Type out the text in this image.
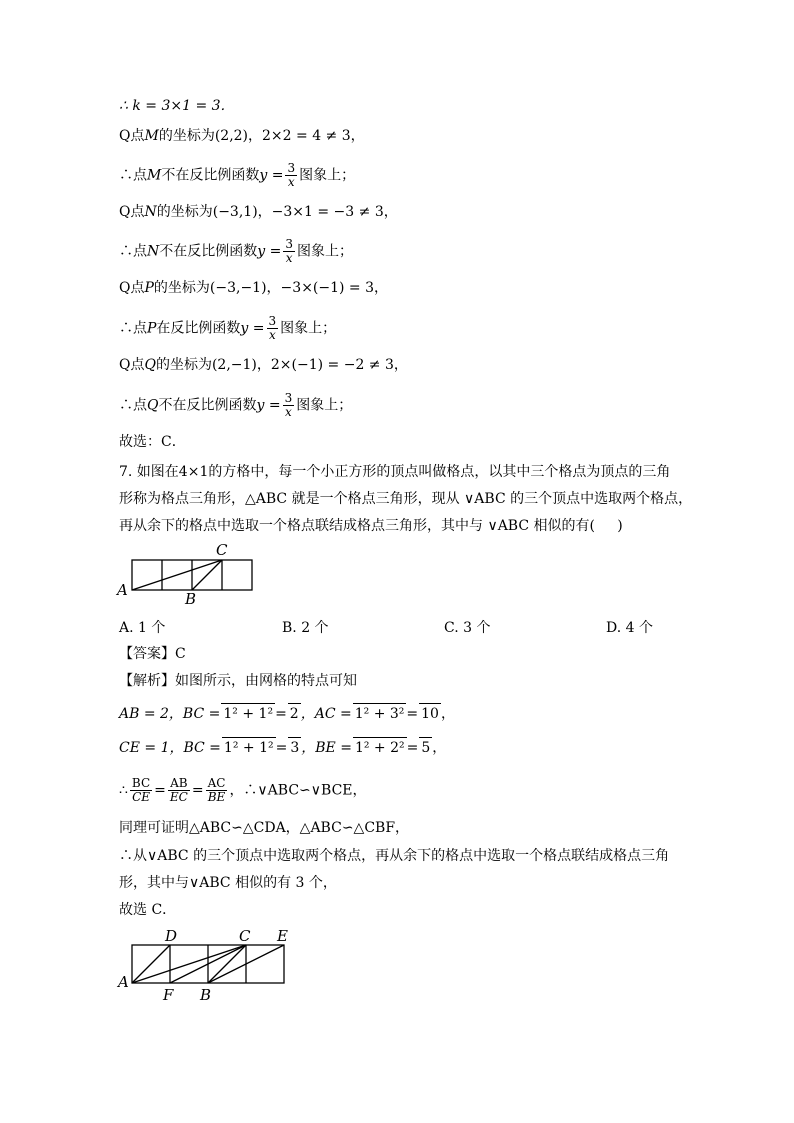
∴ k = 3×1 = 3．
Q点M的坐标为(2,2)，2×2 = 4 ≠ 3，
∴点M不在反比例函数$y = \frac{3}{x}$ 图象上；
Q点N的坐标为(−3,1)，−3×1 = −3 ≠ 3，
∴点N不在反比例函数$y = \frac{3}{x}$ 图象上；
Q点P的坐标为(−3,−1)，−3×(−1) = 3，
∴点P在反比例函数$y = \frac{3}{x}$ 图象上；
Q点Q的坐标为(2,−1)，2×(−1) = −2 ≠ 3，
∴点Q不在反比例函数$y = \frac{3}{x}$ 图象上；
故选：C．
7. 如图在4×1的方格中，每一个小正方形的顶点叫做格点，以其中三个格点为顶点的三角
形称为格点三角形，△ABC 就是一个格点三角形，现从 ∨ABC 的三个顶点中选取两个格点，
再从余下的格点中选取一个格点联结成格点三角形，其中与 ∨ABC 相似的有(     )
A	B
C
A. 1 个	B. 2 个	C. 3 个	D. 4 个
【答案】C
【解析】如图所示，由网格的特点可知
AB = 2，BC = 1² + 1² = 2 ，AC = 1² + 3² = 10 ，
CE = 1，BC = 1² + 1² = 3 ，BE = 1² + 2² = 5 ，
∴ $\frac{BC}{CE} = \frac{AB}{EC} = \frac{AC}{BE}$ ，∴∨ABC∽∨BCE，
同理可证明△ABC∽△CDA，△ABC∽△CBF，
∴从∨ABC 的三个顶点中选取两个格点，再从余下的格点中选取一个格点联结成格点三角
形，其中与∨ABC 相似的有 3 个，
故选 C．
A
D	C E
F B
